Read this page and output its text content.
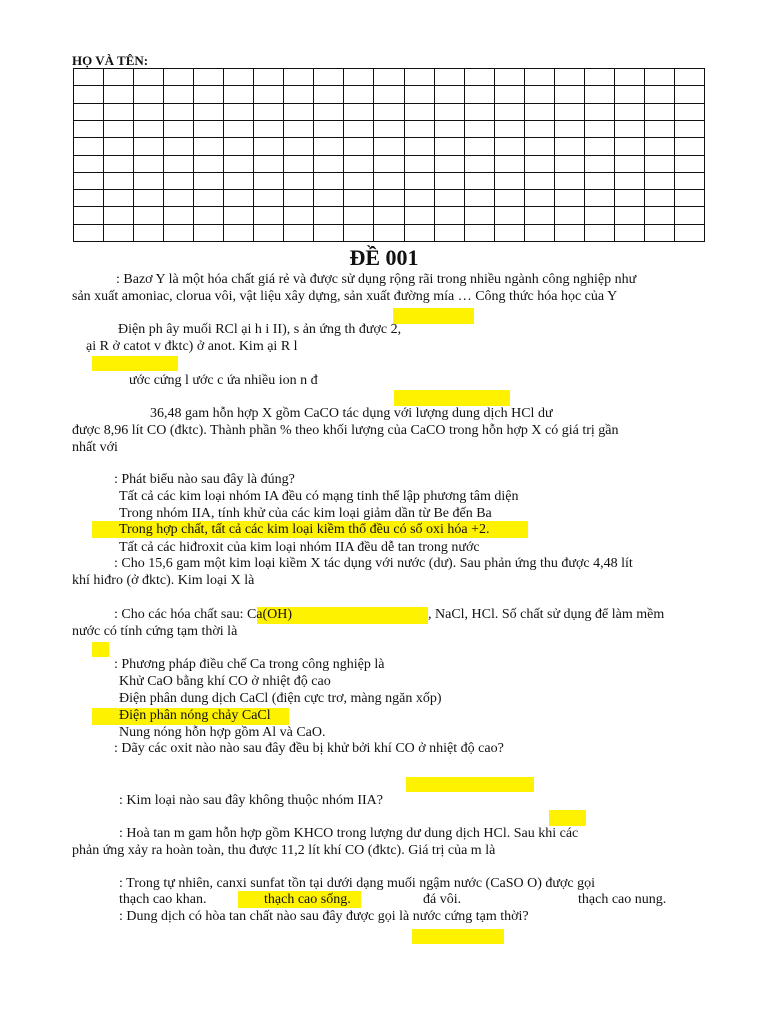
HỌ VÀ TÊN:
ĐỀ 001
: Bazơ Y là một hóa chất giá rẻ và được sử dụng rộng rãi trong nhiều ngành công nghiệp như
sản xuất amoniac, clorua vôi, vật liệu xây dựng, sản xuất đường mía … Công thức hóa học của Y
Điện ph ây muối RCl ại h i II), s ản ứng th được 2,
ại R ở catot v đktc) ở anot. Kim ại R l
ước cứng l ước c ứa nhiều ion n đ
36,48 gam hỗn hợp X gồm CaCO tác dụng với lượng dung dịch HCl dư
được 8,96 lít CO (đktc). Thành phần % theo khối lượng của CaCO trong hỗn hợp X có giá trị gần
nhất với
: Phát biểu nào sau đây là đúng?
Tất cả các kim loại nhóm IA đều có mạng tinh thể lập phương tâm diện
Trong nhóm IIA, tính khử của các kim loại giảm dần từ Be đến Ba
Trong hợp chất, tất cả các kim loại kiềm thổ đều có số oxi hóa +2.
Tất cả các hiđroxit của kim loại nhóm IIA đều dễ tan trong nước
: Cho 15,6 gam một kim loại kiềm X tác dụng với nước (dư). Sau phản ứng thu được 4,48 lít
khí hiđro (ở đktc). Kim loại X là
: Cho các hóa chất sau: Ca(OH)	, NaCl, HCl. Số chất sử dụng để làm mềm
nước có tính cứng tạm thời là
: Phương pháp điều chế Ca trong công nghiệp là
Khử CaO bằng khí CO ở nhiệt độ cao
Điện phân dung dịch CaCl (điện cực trơ, màng ngăn xốp)
Điện phân nóng chảy CaCl
Nung nóng hỗn hợp gồm Al và CaO.
: Dãy các oxit nào nào sau đây đều bị khử bởi khí CO ở nhiệt độ cao?
: Kim loại nào sau đây không thuộc nhóm IIA?
: Hoà tan m gam hỗn hợp gồm KHCO trong lượng dư dung dịch HCl. Sau khi các
phản ứng xảy ra hoàn toàn, thu được 11,2 lít khí CO (đktc). Giá trị của m là
: Trong tự nhiên, canxi sunfat tồn tại dưới dạng muối ngậm nước (CaSO O) được gọi
thạch cao khan.	thạch cao sống.	đá vôi.	thạch cao nung.
: Dung dịch có hòa tan chất nào sau đây được gọi là nước cứng tạm thời?
